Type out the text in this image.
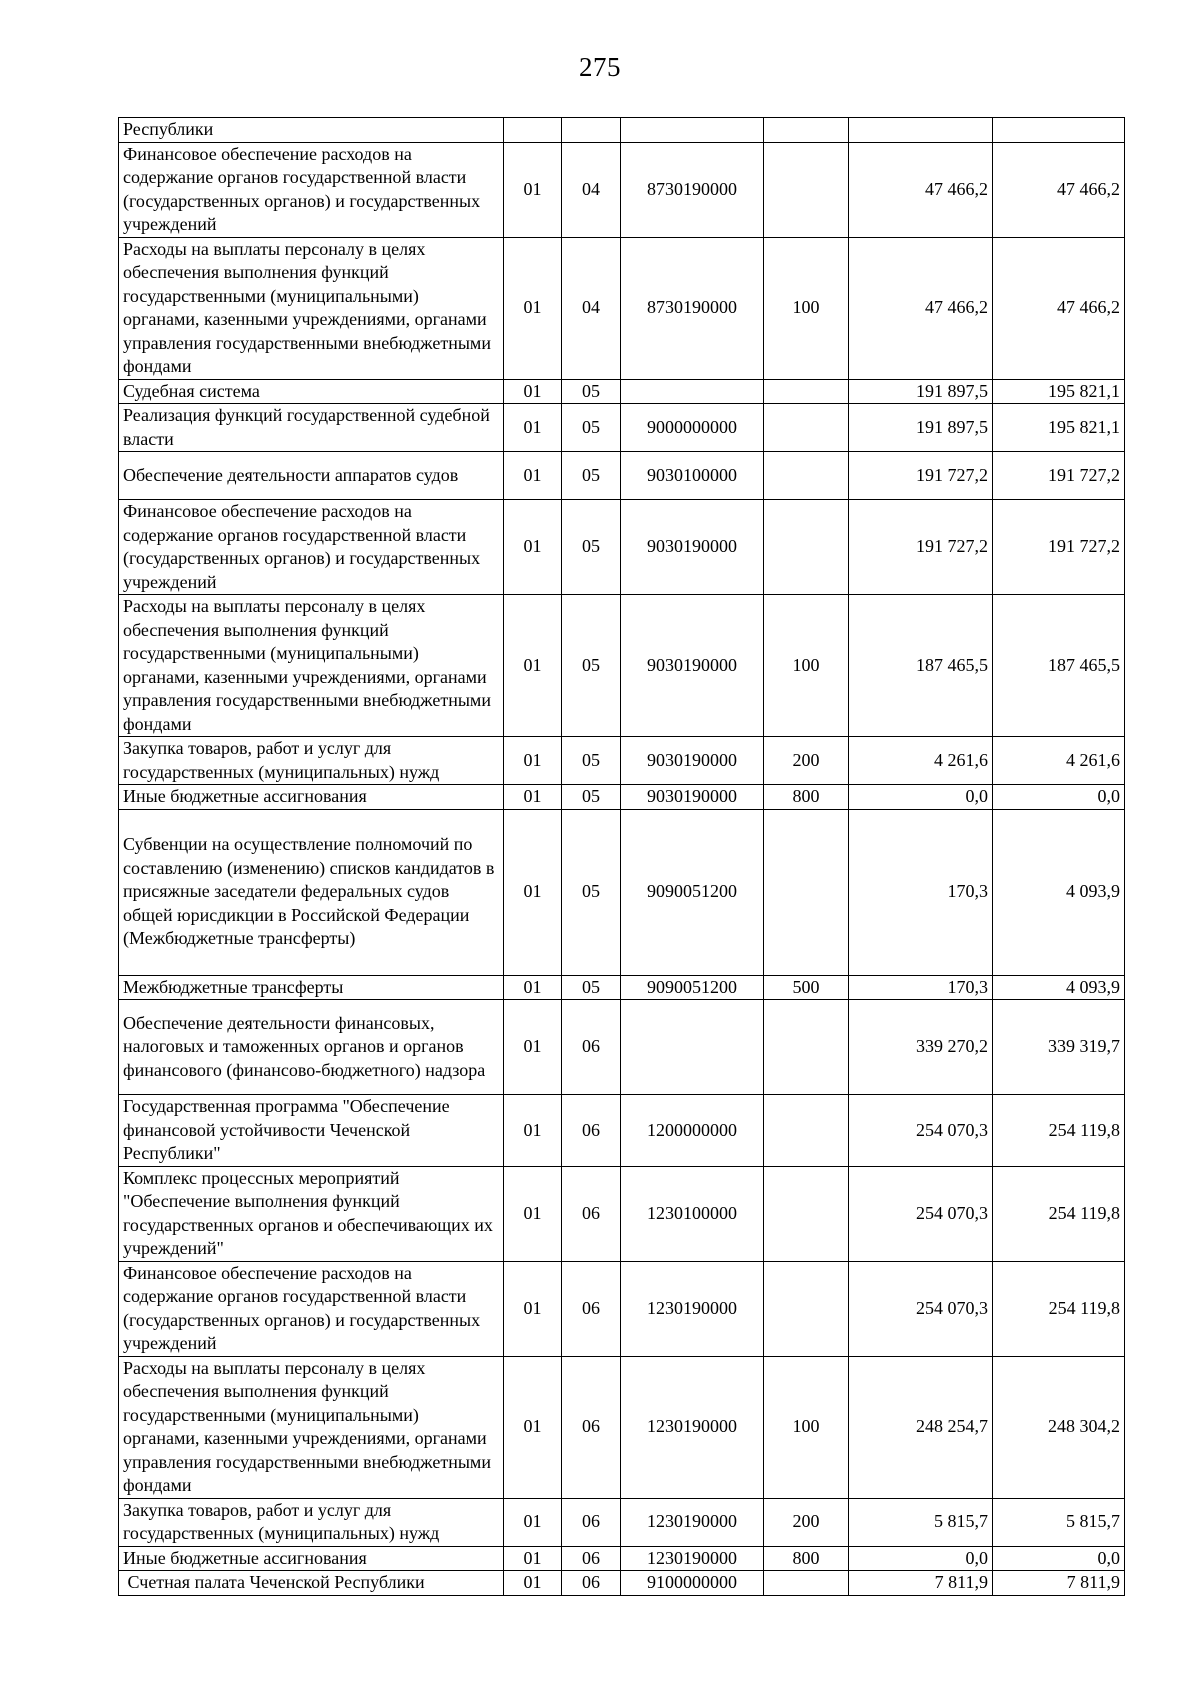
275
Республики						
Финансовое обеспечение расходов на содержание органов государственной власти (государственных органов) и государственных учреждений	01	04	8730190000		47 466,2	47 466,2
Расходы на выплаты персоналу в целях обеспечения выполнения функций государственными (муниципальными) органами, казенными учреждениями, органами управления государственными внебюджетными фондами	01	04	8730190000	100	47 466,2	47 466,2
Судебная система	01	05			191 897,5	195 821,1
Реализация функций государственной судебной власти	01	05	9000000000		191 897,5	195 821,1
Обеспечение деятельности аппаратов судов	01	05	9030100000		191 727,2	191 727,2
Финансовое обеспечение расходов на содержание органов государственной власти (государственных органов) и государственных учреждений	01	05	9030190000		191 727,2	191 727,2
Расходы на выплаты персоналу в целях обеспечения выполнения функций государственными (муниципальными) органами, казенными учреждениями, органами управления государственными внебюджетными фондами	01	05	9030190000	100	187 465,5	187 465,5
Закупка товаров, работ и услуг для государственных (муниципальных) нужд	01	05	9030190000	200	4 261,6	4 261,6
Иные бюджетные ассигнования	01	05	9030190000	800	0,0	0,0
Субвенции на осуществление полномочий по составлению (изменению) списков кандидатов в присяжные заседатели федеральных судов общей юрисдикции в Российской Федерации (Межбюджетные трансферты)	01	05	9090051200		170,3	4 093,9
Межбюджетные трансферты	01	05	9090051200	500	170,3	4 093,9
Обеспечение деятельности финансовых, налоговых и таможенных органов и органов финансового (финансово-бюджетного) надзора	01	06			339 270,2	339 319,7
Государственная программа "Обеспечение финансовой устойчивости Чеченской Республики"	01	06	1200000000		254 070,3	254 119,8
Комплекс процессных мероприятий "Обеспечение выполнения функций государственных органов и обеспечивающих их учреждений"	01	06	1230100000		254 070,3	254 119,8
Финансовое обеспечение расходов на содержание органов государственной власти (государственных органов) и государственных учреждений	01	06	1230190000		254 070,3	254 119,8
Расходы на выплаты персоналу в целях обеспечения выполнения функций государственными (муниципальными) органами, казенными учреждениями, органами управления государственными внебюджетными фондами	01	06	1230190000	100	248 254,7	248 304,2
Закупка товаров, работ и услуг для государственных (муниципальных) нужд	01	06	1230190000	200	5 815,7	5 815,7
Иные бюджетные ассигнования	01	06	1230190000	800	0,0	0,0
Счетная палата Чеченской Республики	01	06	9100000000		7 811,9	7 811,9
